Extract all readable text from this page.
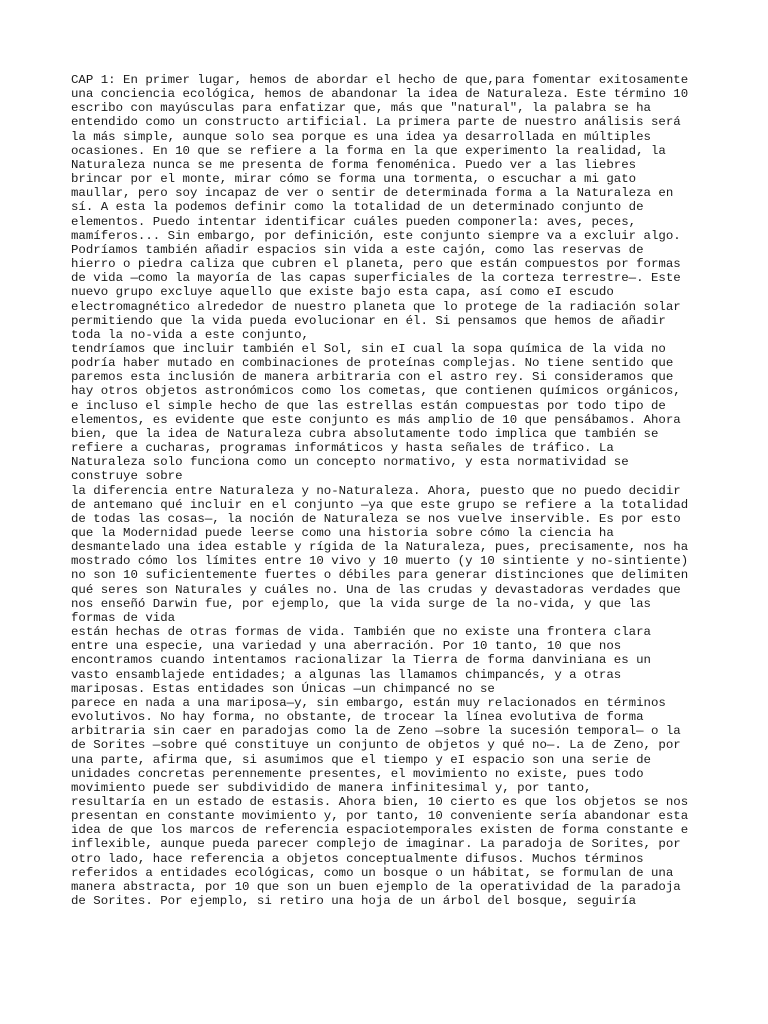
CAP 1: En primer lugar, hemos de abordar el hecho de que,para fomentar exitosamente
una conciencia ecológica, hemos de abandonar la idea de Naturaleza. Este término 10
escribo con mayúsculas para enfatizar que, más que "natural", la palabra se ha
entendido como un constructo artificial. La primera parte de nuestro análisis será
la más simple, aunque solo sea porque es una idea ya desarrollada en múltiples
ocasiones. En 10 que se refiere a la forma en la que experimento la realidad, la
Naturaleza nunca se me presenta de forma fenoménica. Puedo ver a las liebres
brincar por el monte, mirar cómo se forma una tormenta, o escuchar a mi gato
maullar, pero soy incapaz de ver o sentir de determinada forma a la Naturaleza en
sí. A esta la podemos definir como la totalidad de un determinado conjunto de
elementos. Puedo intentar identificar cuáles pueden componerla: aves, peces,
mamíferos... Sin embargo, por definición, este conjunto siempre va a excluir algo.
Podríamos también añadir espacios sin vida a este cajón, como las reservas de
hierro o piedra caliza que cubren el planeta, pero que están compuestos por formas
de vida —como la mayoría de las capas superficiales de la corteza terrestre—. Este
nuevo grupo excluye aquello que existe bajo esta capa, así como eI escudo
electromagnético alrededor de nuestro planeta que lo protege de la radiación solar
permitiendo que la vida pueda evolucionar en él. Si pensamos que hemos de añadir
toda la no-vida a este conjunto,
tendríamos que incluir también el Sol, sin eI cual la sopa química de la vida no
podría haber mutado en combinaciones de proteínas complejas. No tiene sentido que
paremos esta inclusión de manera arbitraria con el astro rey. Si consideramos que
hay otros objetos astronómicos como los cometas, que contienen químicos orgánicos,
e incluso el simple hecho de que las estrellas están compuestas por todo tipo de
elementos, es evidente que este conjunto es más amplio de 10 que pensábamos. Ahora
bien, que la idea de Naturaleza cubra absolutamente todo implica que también se
refiere a cucharas, programas informáticos y hasta señales de tráfico. La
Naturaleza solo funciona como un concepto normativo, y esta normatividad se
construye sobre
la diferencia entre Naturaleza y no-Naturaleza. Ahora, puesto que no puedo decidir
de antemano qué incluir en el conjunto —ya que este grupo se refiere a la totalidad
de todas las cosas—, la noción de Naturaleza se nos vuelve inservible. Es por esto
que la Modernidad puede leerse como una historia sobre cómo la ciencia ha
desmantelado una idea estable y rígida de la Naturaleza, pues, precisamente, nos ha
mostrado cómo los límites entre 10 vivo y 10 muerto (y 10 sintiente y no-sintiente)
no son 10 suficientemente fuertes o débiles para generar distinciones que delimiten
qué seres son Naturales y cuáles no. Una de las crudas y devastadoras verdades que
nos enseñó Darwin fue, por ejemplo, que la vida surge de la no-vida, y que las
formas de vida
están hechas de otras formas de vida. También que no existe una frontera clara
entre una especie, una variedad y una aberración. Por 10 tanto, 10 que nos
encontramos cuando intentamos racionalizar la Tierra de forma danviniana es un
vasto ensamblajede entidades; a algunas las llamamos chimpancés, y a otras
mariposas. Estas entidades son Únicas —un chimpancé no se
parece en nada a una mariposa—y, sin embargo, están muy relacionados en términos
evolutivos. No hay forma, no obstante, de trocear la línea evolutiva de forma
arbitraria sin caer en paradojas como la de Zeno —sobre la sucesión temporal— o la
de Sorites —sobre qué constituye un conjunto de objetos y qué no—. La de Zeno, por
una parte, afirma que, si asumimos que el tiempo y eI espacio son una serie de
unidades concretas perennemente presentes, el movimiento no existe, pues todo
movimiento puede ser subdividido de manera infinitesimal y, por tanto,
resultaría en un estado de estasis. Ahora bien, 10 cierto es que los objetos se nos
presentan en constante movimiento y, por tanto, 10 conveniente sería abandonar esta
idea de que los marcos de referencia espaciotemporales existen de forma constante e
inflexible, aunque pueda parecer complejo de imaginar. La paradoja de Sorites, por
otro lado, hace referencia a objetos conceptualmente difusos. Muchos términos
referidos a entidades ecológicas, como un bosque o un hábitat, se formulan de una
manera abstracta, por 10 que son un buen ejemplo de la operatividad de la paradoja
de Sorites. Por ejemplo, si retiro una hoja de un árbol del bosque, seguiría
